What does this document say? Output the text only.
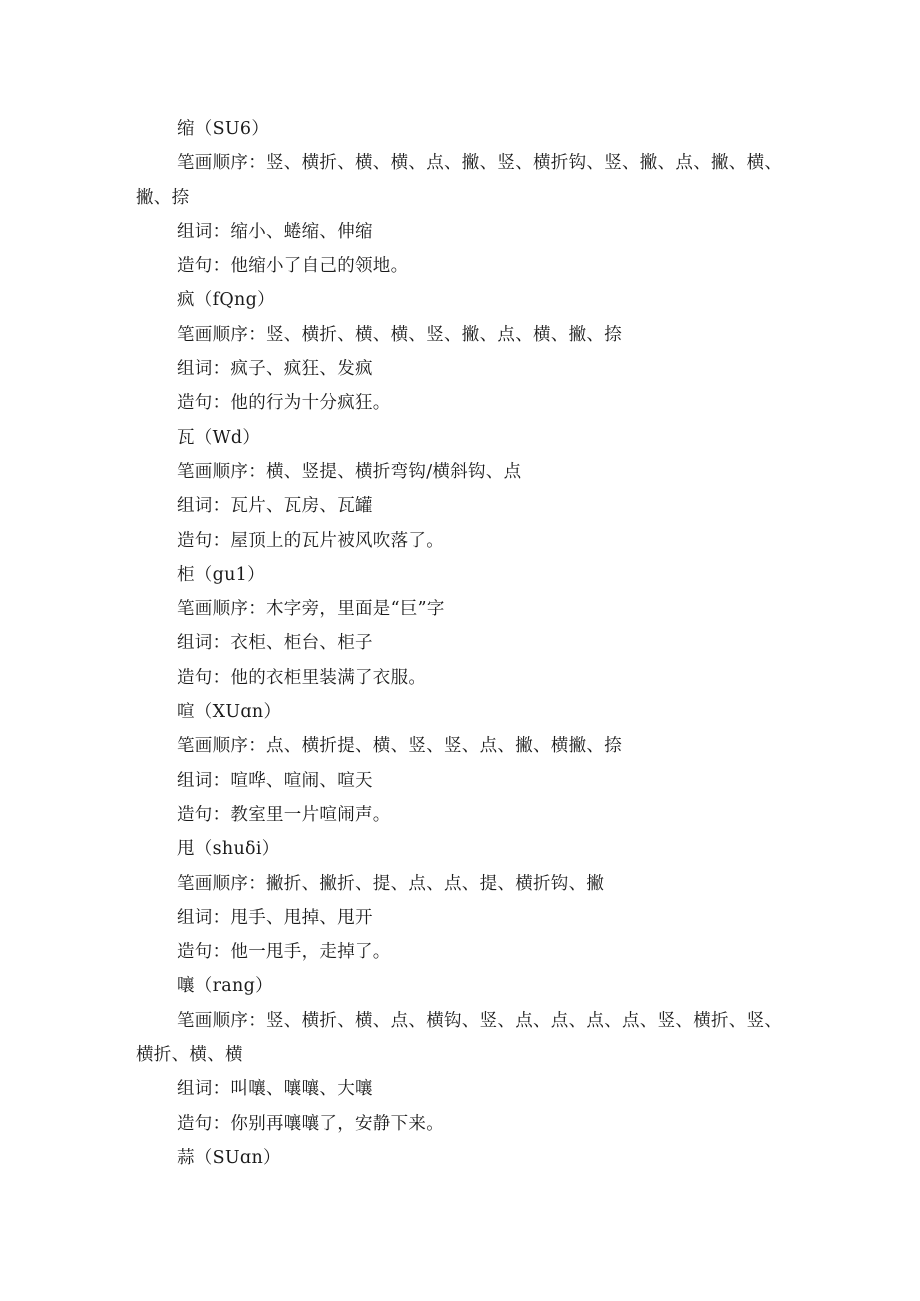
缩（SU6）

笔画顺序：竖、横折、横、横、点、撇、竖、横折钩、竖、撇、点、撇、横、撇、捺

组词：缩小、蜷缩、伸缩

造句：他缩小了自己的领地。

疯（fQng）

笔画顺序：竖、横折、横、横、竖、撇、点、横、撇、捺

组词：疯子、疯狂、发疯

造句：他的行为十分疯狂。

瓦（Wd）

笔画顺序：横、竖提、横折弯钩/横斜钩、点

组词：瓦片、瓦房、瓦罐

造句：屋顶上的瓦片被风吹落了。

柜（gu1）

笔画顺序：木字旁，里面是“巨”字

组词：衣柜、柜台、柜子

造句：他的衣柜里装满了衣服。

喧（XUɑn）

笔画顺序：点、横折提、横、竖、竖、点、撇、横撇、捺

组词：喧哗、喧闹、喧天

造句：教室里一片喧闹声。

甩（shuδi）

笔画顺序：撇折、撇折、提、点、点、提、横折钩、撇

组词：甩手、甩掉、甩开

造句：他一甩手，走掉了。

嚷（rang）

笔画顺序：竖、横折、横、点、横钩、竖、点、点、点、点、竖、横折、竖、横折、横、横

组词：叫嚷、嚷嚷、大嚷

造句：你别再嚷嚷了，安静下来。

蒜（SUɑn）
